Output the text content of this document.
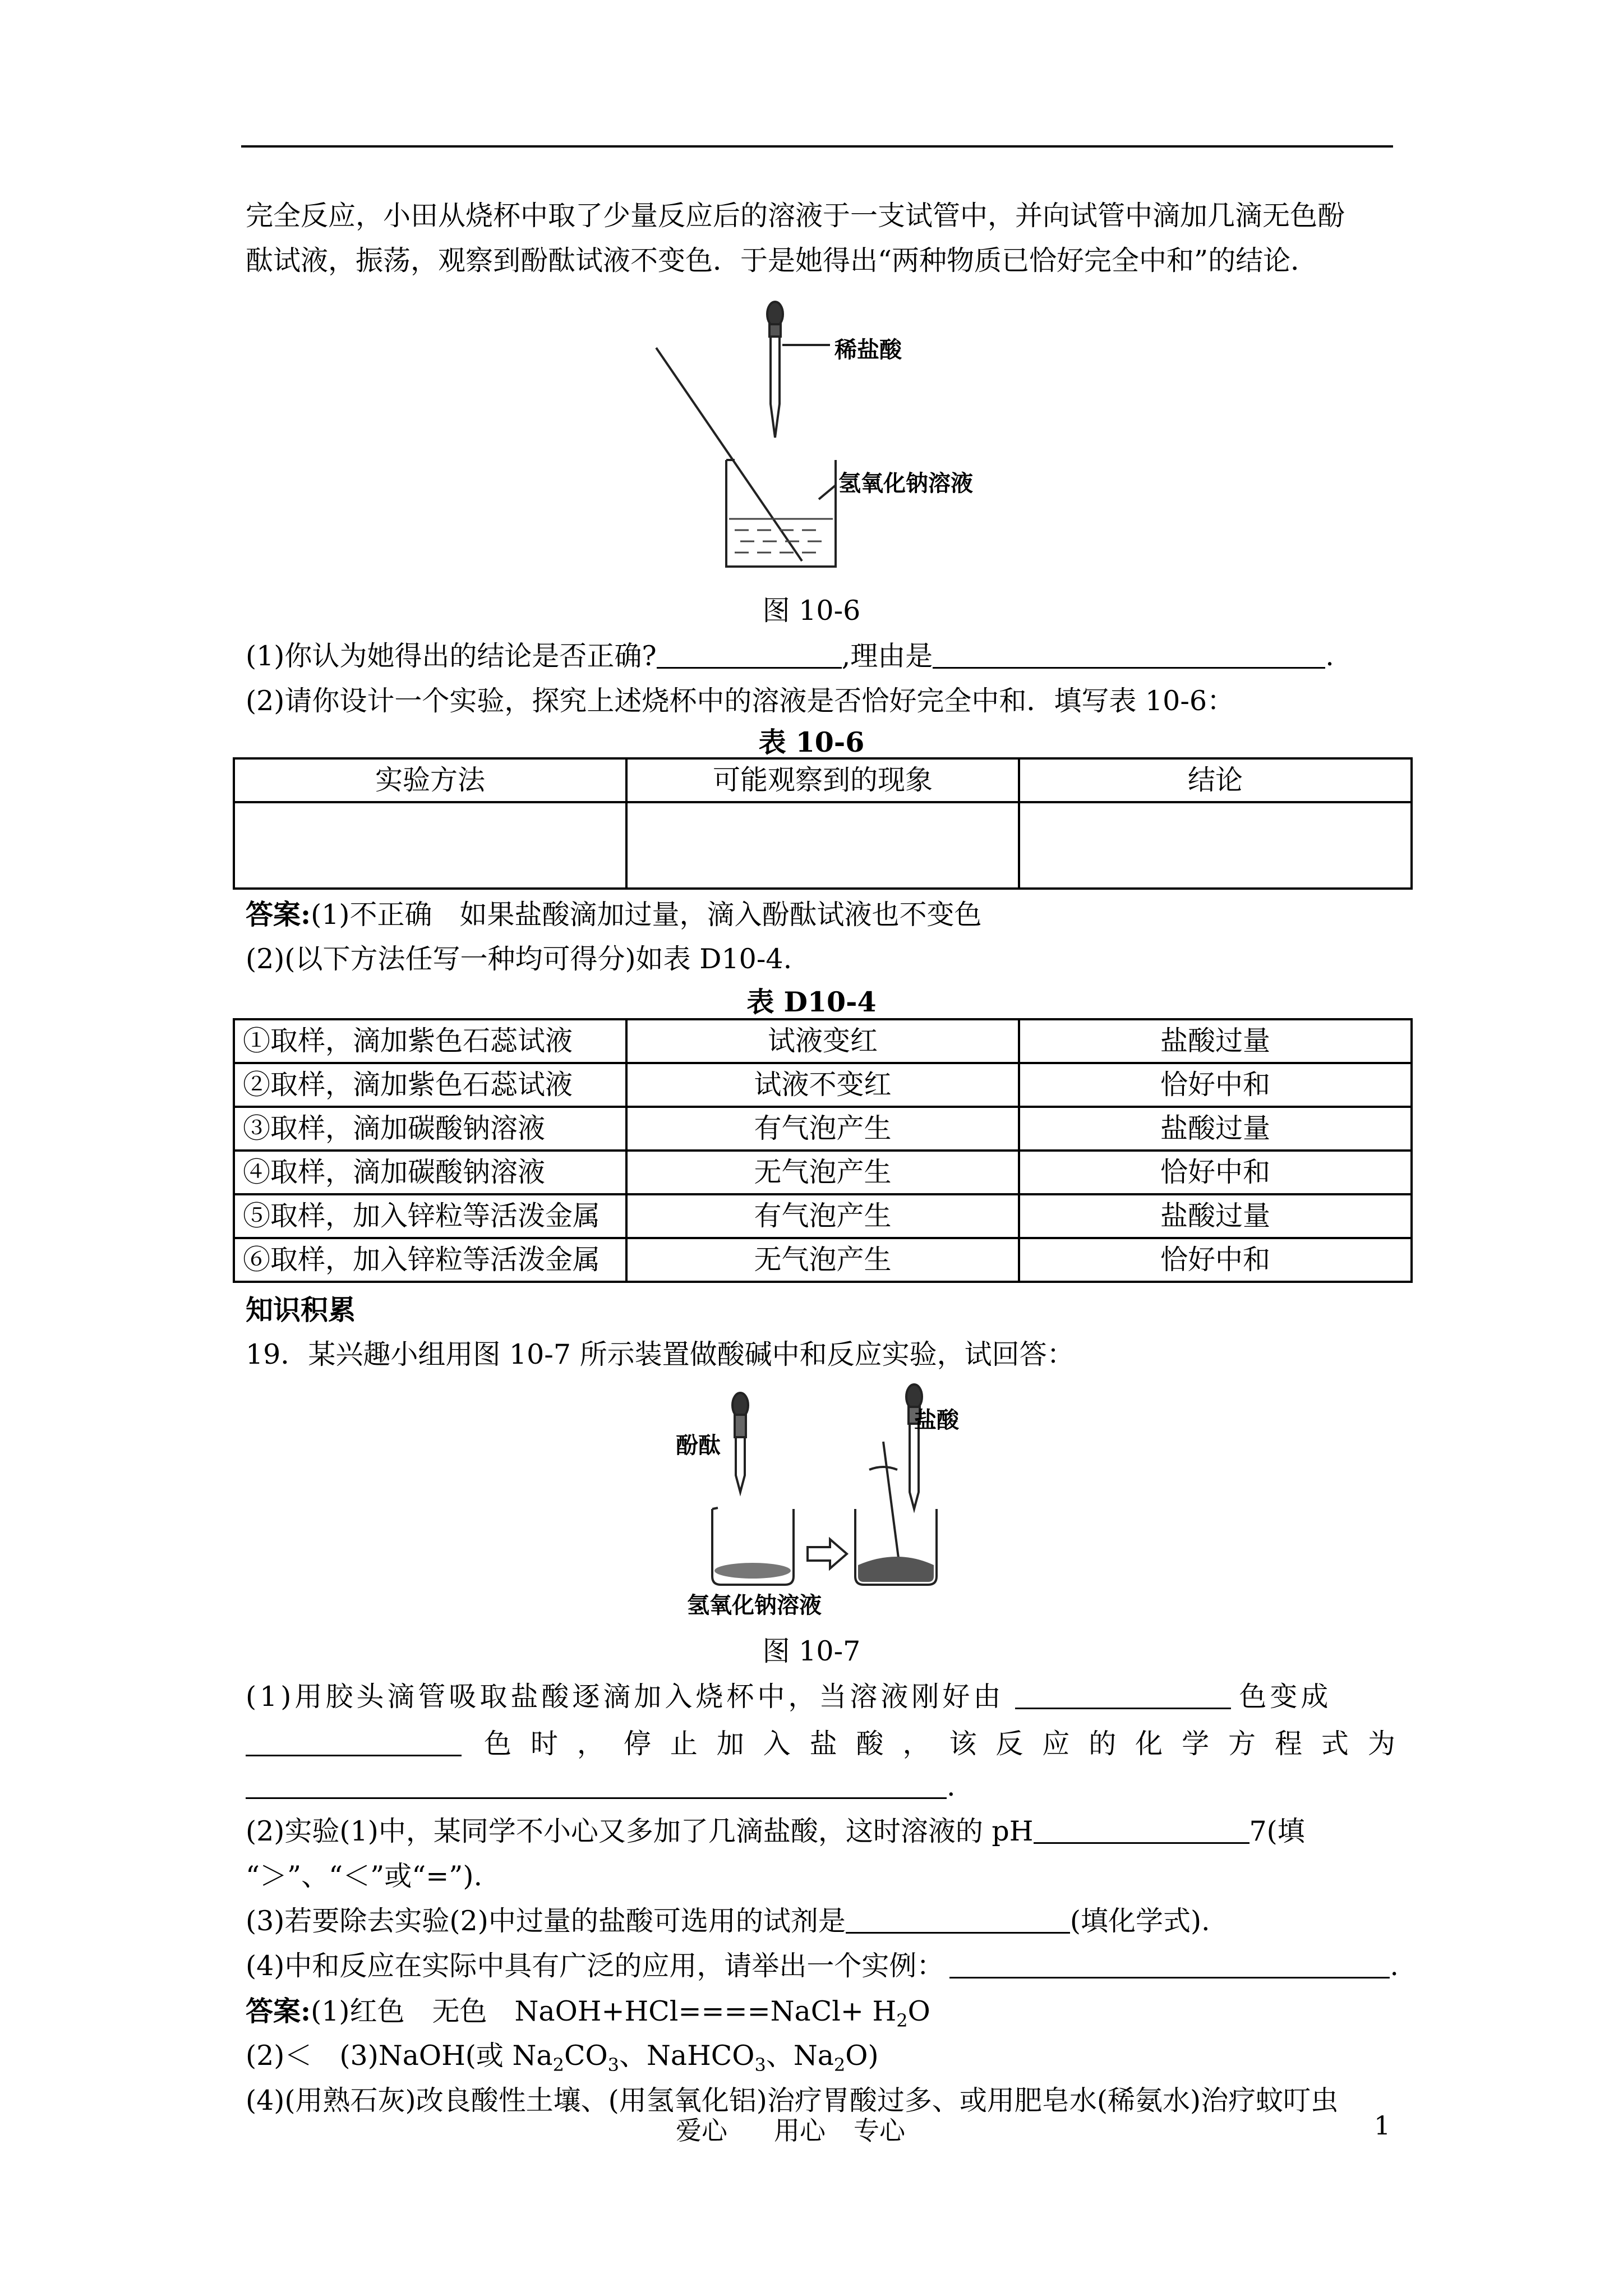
完全反应，小田从烧杯中取了少量反应后的溶液于一支试管中，并向试管中滴加几滴无色酚
酞试液，振荡，观察到酚酞试液不变色．于是她得出“两种物质已恰好完全中和”的结论．
稀盐酸
氢氧化钠溶液
图 10-6
(1)你认为她得出的结论是否正确?	,理由是	.
(2)请你设计一个实验，探究上述烧杯中的溶液是否恰好完全中和．填写表 10-6：
表 10-6
实验方法	可能观察到的现象	结论

答案:(1)不正确　如果盐酸滴加过量，滴入酚酞试液也不变色
(2)(以下方法任写一种均可得分)如表 D10-4.
表 D10-4
①取样，滴加紫色石蕊试液	试液变红	盐酸过量
②取样，滴加紫色石蕊试液	试液不变红	恰好中和
③取样，滴加碳酸钠溶液	有气泡产生	盐酸过量
④取样，滴加碳酸钠溶液	无气泡产生	恰好中和
⑤取样，加入锌粒等活泼金属	有气泡产生	盐酸过量
⑥取样，加入锌粒等活泼金属	无气泡产生	恰好中和
知识积累
19．某兴趣小组用图 10-7 所示装置做酸碱中和反应实验，试回答：
酚酞
盐酸
氢氧化钠溶液
图 10-7
(1)用胶头滴管吸取盐酸逐滴加入烧杯中，当溶液刚好由	色变成
色 时 ， 停 止 加 入 盐 酸 ， 该 反 应 的 化 学 方 程 式 为
.
(2)实验(1)中，某同学不小心又多加了几滴盐酸，这时溶液的 pH	7(填
“＞”、“＜”或“=”).
(3)若要除去实验(2)中过量的盐酸可选用的试剂是	(填化学式).
(4)中和反应在实际中具有广泛的应用，请举出一个实例：	.
答案:(1)红色　无色　NaOH+HCl====NaCl+ $H_2O$
(2)＜　(3)NaOH(或 $Na_2CO_3$、NaHCO$_3$、$Na_2O$)
(4)(用熟石灰)改良酸性土壤、(用氢氧化铝)治疗胃酸过多、或用肥皂水(稀氨水)治疗蚊叮虫
爱心 用心 专心	1
